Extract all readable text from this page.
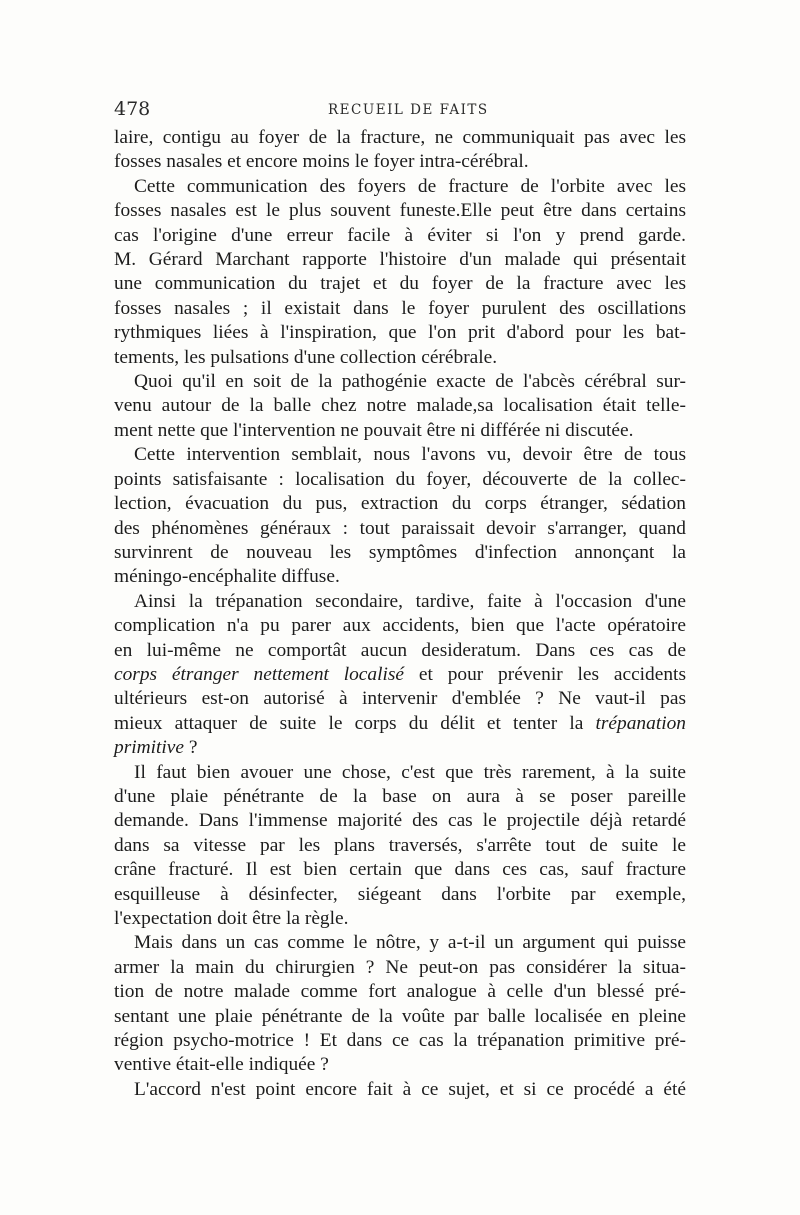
478	RECUEIL DE FAITS
laire, contigu au foyer de la fracture, ne communiquait pas avec les
fosses nasales et encore moins le foyer intra-cérébral.
Cette communication des foyers de fracture de l'orbite avec les
fosses nasales est le plus souvent funeste.Elle peut être dans certains
cas l'origine d'une erreur facile à éviter si l'on y prend garde.
M. Gérard Marchant rapporte l'histoire d'un malade qui présentait
une communication du trajet et du foyer de la fracture avec les
fosses nasales ; il existait dans le foyer purulent des oscillations
rythmiques liées à l'inspiration, que l'on prit d'abord pour les bat-
tements, les pulsations d'une collection cérébrale.
Quoi qu'il en soit de la pathogénie exacte de l'abcès cérébral sur-
venu autour de la balle chez notre malade,sa localisation était telle-
ment nette que l'intervention ne pouvait être ni différée ni discutée.
Cette intervention semblait, nous l'avons vu, devoir être de tous
points satisfaisante : localisation du foyer, découverte de la collec-
lection, évacuation du pus, extraction du corps étranger, sédation
des phénomènes généraux : tout paraissait devoir s'arranger, quand
survinrent de nouveau les symptômes d'infection annonçant la
méningo-encéphalite diffuse.
Ainsi la trépanation secondaire, tardive, faite à l'occasion d'une
complication n'a pu parer aux accidents, bien que l'acte opératoire
en lui-même ne comportât aucun desideratum. Dans ces cas de
corps étranger nettement localisé et pour prévenir les accidents
ultérieurs est-on autorisé à intervenir d'emblée ? Ne vaut-il pas
mieux attaquer de suite le corps du délit et tenter la trépanation
primitive ?
Il faut bien avouer une chose, c'est que très rarement, à la suite
d'une plaie pénétrante de la base on aura à se poser pareille
demande. Dans l'immense majorité des cas le projectile déjà retardé
dans sa vitesse par les plans traversés, s'arrête tout de suite le
crâne fracturé. Il est bien certain que dans ces cas, sauf fracture
esquilleuse à désinfecter, siégeant dans l'orbite par exemple,
l'expectation doit être la règle.
Mais dans un cas comme le nôtre, y a-t-il un argument qui puisse
armer la main du chirurgien ? Ne peut-on pas considérer la situa-
tion de notre malade comme fort analogue à celle d'un blessé pré-
sentant une plaie pénétrante de la voûte par balle localisée en pleine
région psycho-motrice ! Et dans ce cas la trépanation primitive pré-
ventive était-elle indiquée ?
L'accord n'est point encore fait à ce sujet, et si ce procédé a été
